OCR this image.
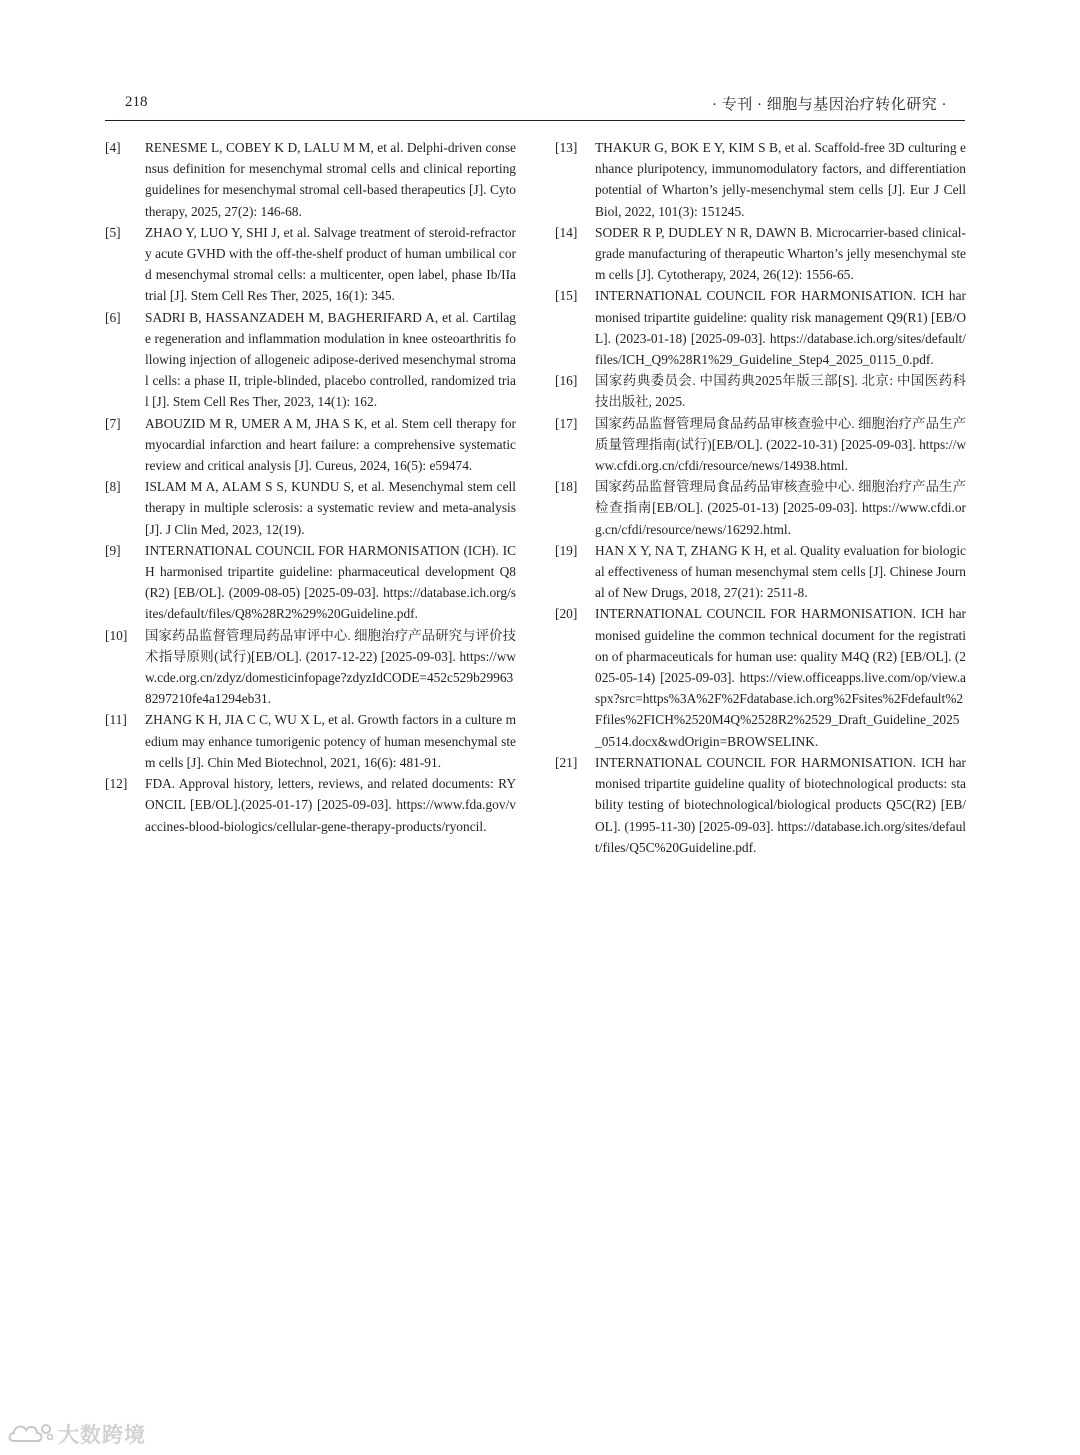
218	· 专刊 · 细胞与基因治疗转化研究 ·
[4]	RENESME L, COBEY K D, LALU M M, et al. Delphi-driven consensus definition for mesenchymal stromal cells and clinical reporting guidelines for mesenchymal stromal cell-based therapeutics [J]. Cytotherapy, 2025, 27(2): 146-68.
[5]	ZHAO Y, LUO Y, SHI J, et al. Salvage treatment of steroid-refractory acute GVHD with the off-the-shelf product of human umbilical cord mesenchymal stromal cells: a multicenter, open label, phase Ib/IIa trial [J]. Stem Cell Res Ther, 2025, 16(1): 345.
[6]	SADRI B, HASSANZADEH M, BAGHERIFARD A, et al. Cartilage regeneration and inflammation modulation in knee osteoarthritis following injection of allogeneic adipose-derived mesenchymal stromal cells: a phase II, triple-blinded, placebo controlled, randomized trial [J]. Stem Cell Res Ther, 2023, 14(1): 162.
[7]	ABOUZID M R, UMER A M, JHA S K, et al. Stem cell therapy for myocardial infarction and heart failure: a comprehensive systematic review and critical analysis [J]. Cureus, 2024, 16(5): e59474.
[8]	ISLAM M A, ALAM S S, KUNDU S, et al. Mesenchymal stem cell therapy in multiple sclerosis: a systematic review and meta-analysis [J]. J Clin Med, 2023, 12(19).
[9]	INTERNATIONAL COUNCIL FOR HARMONISATION (ICH). ICH harmonised tripartite guideline: pharmaceutical development Q8(R2) [EB/OL]. (2009-08-05) [2025-09-03]. https://database.ich.org/sites/default/files/Q8%28R2%29%20Guideline.pdf.
[10]	国家药品监督管理局药品审评中心. 细胞治疗产品研究与评价技术指导原则(试行)[EB/OL]. (2017-12-22) [2025-09-03]. https://www.cde.org.cn/zdyz/domesticinfopage?zdyzIdCODE=452c529b299638297210fe4a1294eb31.
[11]	ZHANG K H, JIA C C, WU X L, et al. Growth factors in a culture medium may enhance tumorigenic potency of human mesenchymal stem cells [J]. Chin Med Biotechnol, 2021, 16(6): 481-91.
[12]	FDA. Approval history, letters, reviews, and related documents: RYONCIL [EB/OL].(2025-01-17) [2025-09-03]. https://www.fda.gov/vaccines-blood-biologics/cellular-gene-therapy-products/ryoncil.
[13]	THAKUR G, BOK E Y, KIM S B, et al. Scaffold-free 3D culturing enhance pluripotency, immunomodulatory factors, and differentiation potential of Wharton’s jelly-mesenchymal stem cells [J]. Eur J Cell Biol, 2022, 101(3): 151245.
[14]	SODER R P, DUDLEY N R, DAWN B. Microcarrier-based clinical-grade manufacturing of therapeutic Wharton’s jelly mesenchymal stem cells [J]. Cytotherapy, 2024, 26(12): 1556-65.
[15]	INTERNATIONAL COUNCIL FOR HARMONISATION. ICH harmonised tripartite guideline: quality risk management Q9(R1) [EB/OL]. (2023-01-18) [2025-09-03]. https://database.ich.org/sites/default/files/ICH_Q9%28R1%29_Guideline_Step4_2025_0115_0.pdf.
[16]	国家药典委员会. 中国药典2025年版三部[S]. 北京: 中国医药科技出版社, 2025.
[17]	国家药品监督管理局食品药品审核查验中心. 细胞治疗产品生产质量管理指南(试行)[EB/OL]. (2022-10-31) [2025-09-03]. https://www.cfdi.org.cn/cfdi/resource/news/14938.html.
[18]	国家药品监督管理局食品药品审核查验中心. 细胞治疗产品生产检查指南[EB/OL]. (2025-01-13) [2025-09-03]. https://www.cfdi.org.cn/cfdi/resource/news/16292.html.
[19]	HAN X Y, NA T, ZHANG K H, et al. Quality evaluation for biological effectiveness of human mesenchymal stem cells [J]. Chinese Journal of New Drugs, 2018, 27(21): 2511-8.
[20]	INTERNATIONAL COUNCIL FOR HARMONISATION. ICH harmonised guideline the common technical document for the registration of pharmaceuticals for human use: quality M4Q (R2) [EB/OL]. (2025-05-14) [2025-09-03]. https://view.officeapps.live.com/op/view.aspx?src=https%3A%2F%2Fdatabase.ich.org%2Fsites%2Fdefault%2Ffiles%2FICH%2520M4Q%2528R2%2529_Draft_Guideline_2025_0514.docx&wdOrigin=BROWSELINK.
[21]	INTERNATIONAL COUNCIL FOR HARMONISATION. ICH harmonised tripartite guideline quality of biotechnological products: stability testing of biotechnological/biological products Q5C(R2) [EB/OL]. (1995-11-30) [2025-09-03]. https://database.ich.org/sites/default/files/Q5C%20Guideline.pdf.
大数跨境
